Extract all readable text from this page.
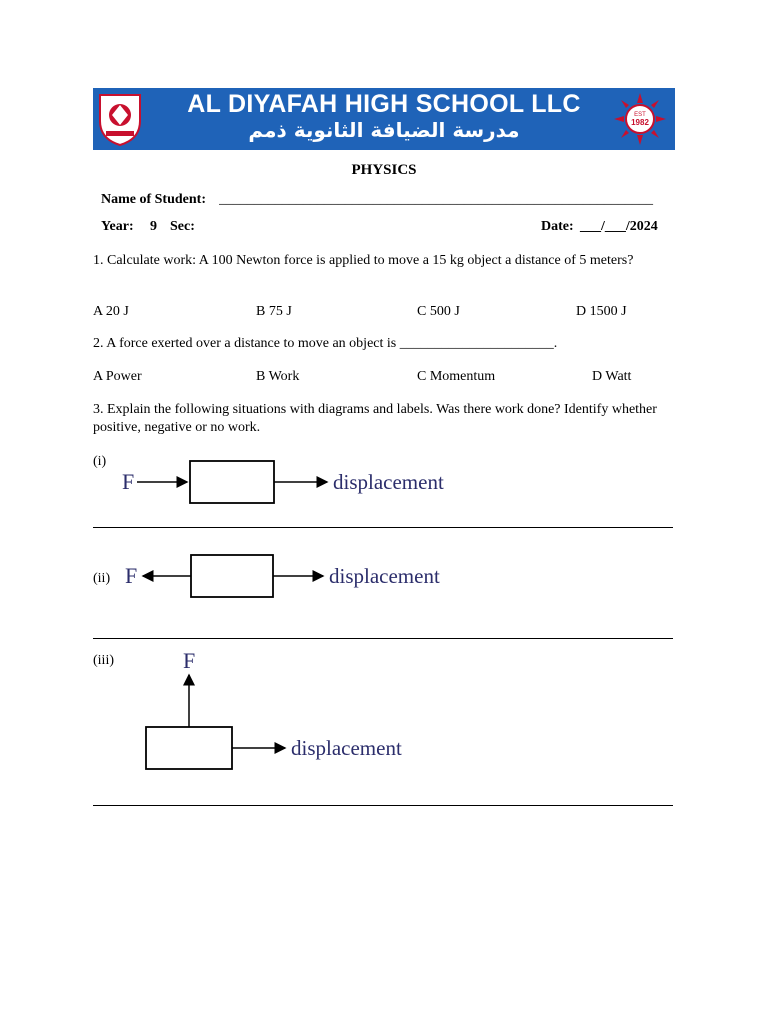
AL DIYAFAH HIGH SCHOOL LLC
مدرسة الضيافة الثانوية ذمم
EST
1982
PHYSICS
Name of Student: ______________________________________________________________
Year: 9 Sec:	Date: ___/___/2024
1. Calculate work: A 100 Newton force is applied to move a 15 kg object a distance of 5 meters?
A 20 J	B 75 J	C 500 J	D 1500 J
2. A force exerted over a distance to move an object is ______________________.
A Power	B Work	C Momentum	D Watt
3. Explain the following situations with diagrams and labels. Was there work done? Identify whether positive, negative or no work.
(i)
F	displacement
(ii) F	displacement
(iii)	F
displacement
